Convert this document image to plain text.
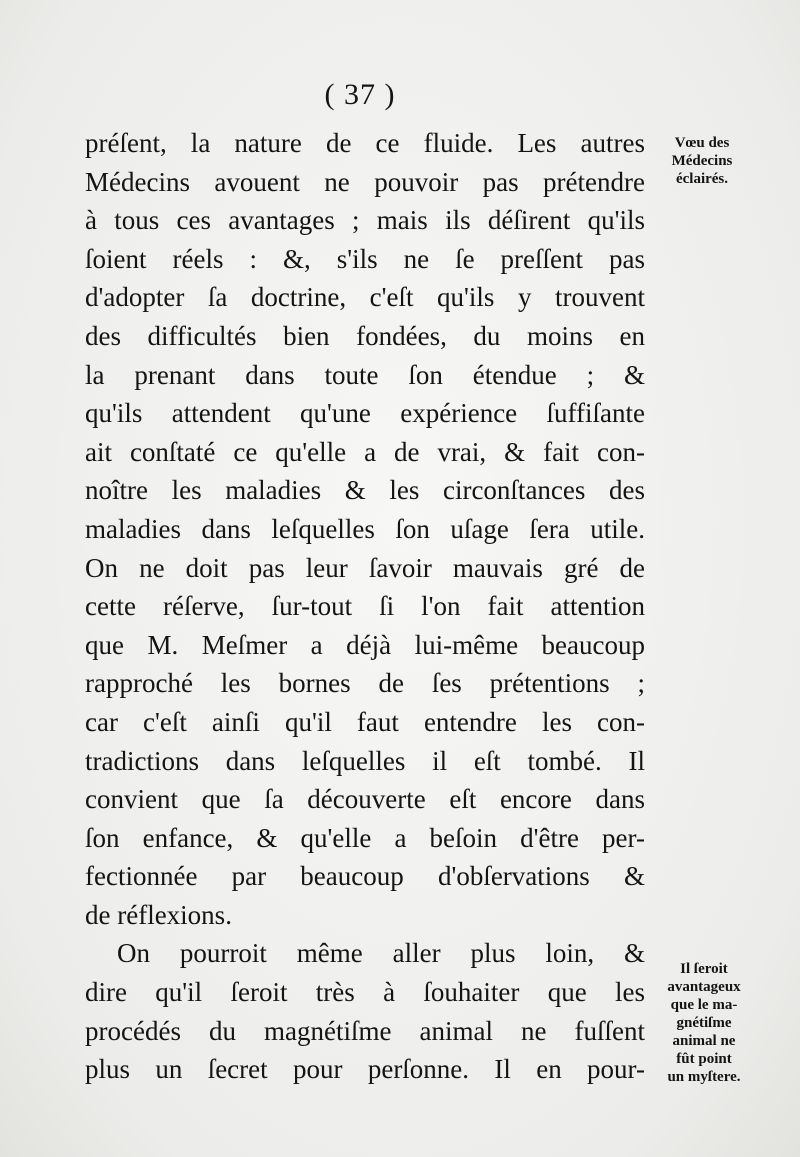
( 37 )
préſent, la nature de ce fluide. Les autres
Médecins avouent ne pouvoir pas prétendre
à tous ces avantages ; mais ils déſirent qu'ils
ſoient réels : &, s'ils ne ſe preſſent pas
d'adopter ſa doctrine, c'eſt qu'ils y trouvent
des difficultés bien fondées, du moins en
la prenant dans toute ſon étendue ; &
qu'ils attendent qu'une expérience ſuffiſante
ait conſtaté ce qu'elle a de vrai, & fait con-
noître les maladies & les circonſtances des
maladies dans leſquelles ſon uſage ſera utile.
On ne doit pas leur ſavoir mauvais gré de
cette réſerve, ſur-tout ſi l'on fait attention
que M. Meſmer a déjà lui-même beaucoup
rapproché les bornes de ſes prétentions ;
car c'eſt ainſi qu'il faut entendre les con-
tradictions dans leſquelles il eſt tombé. Il
convient que ſa découverte eſt encore dans
ſon enfance, & qu'elle a beſoin d'être per-
fectionnée par beaucoup d'obſervations &
de réflexions.
On pourroit même aller plus loin, &
dire qu'il ſeroit très à ſouhaiter que les
procédés du magnétiſme animal ne fuſſent
plus un ſecret pour perſonne. Il en pour-
Vœu des
Médecins
éclairés.
Il ſeroit
avantageux
que le ma-
gnétiſme
animal ne
fût point
un myſtere.
